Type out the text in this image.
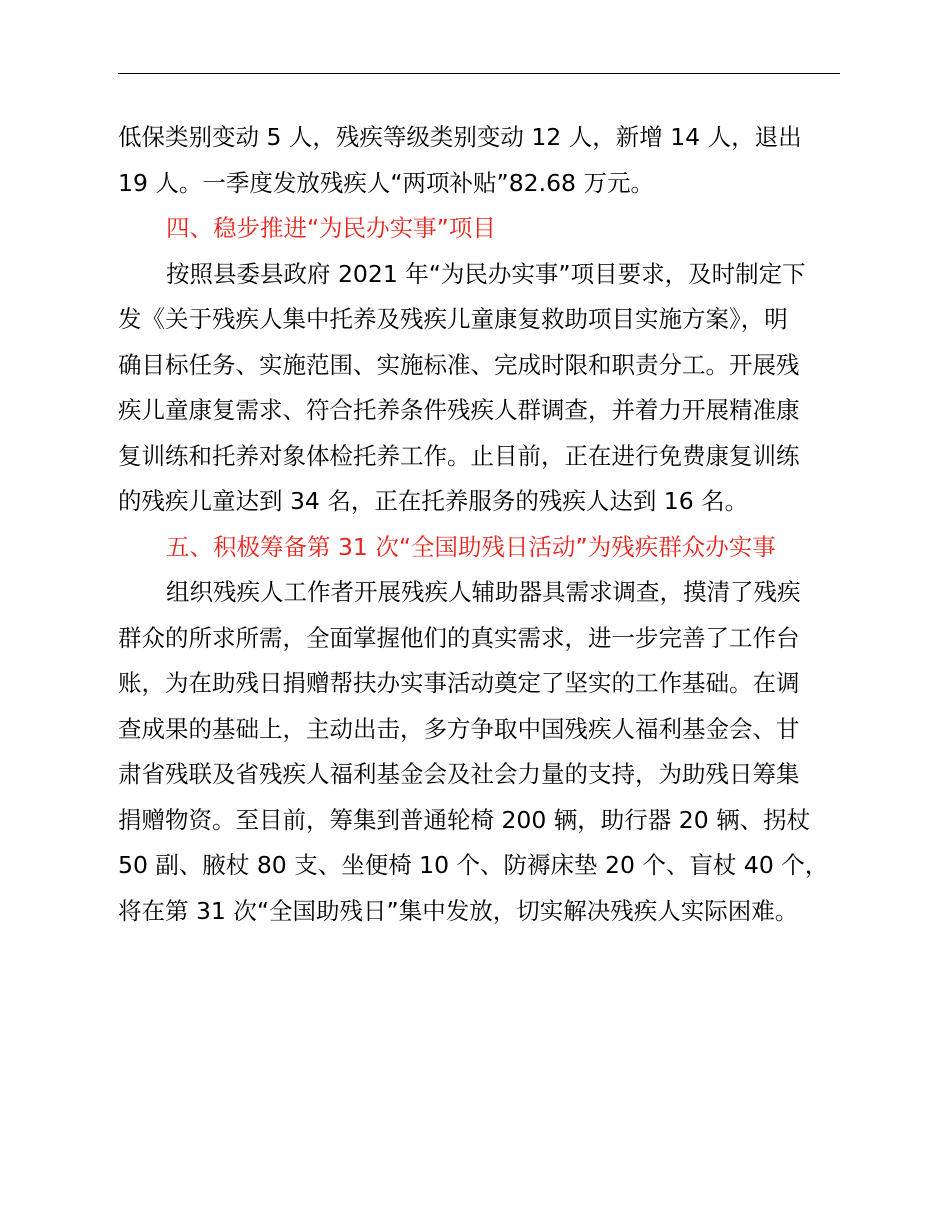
低保类别变动 5 人，残疾等级类别变动 12 人，新增 14 人，退出
19 人。一季度发放残疾人“两项补贴”82.68 万元。
四、稳步推进“为民办实事”项目
按照县委县政府 2021 年“为民办实事”项目要求，及时制定下
发《关于残疾人集中托养及残疾儿童康复救助项目实施方案》，明
确目标任务、实施范围、实施标准、完成时限和职责分工。开展残
疾儿童康复需求、符合托养条件残疾人群调查，并着力开展精准康
复训练和托养对象体检托养工作。止目前，正在进行免费康复训练
的残疾儿童达到 34 名，正在托养服务的残疾人达到 16 名。
五、积极筹备第 31 次“全国助残日活动”为残疾群众办实事
组织残疾人工作者开展残疾人辅助器具需求调查，摸清了残疾
群众的所求所需，全面掌握他们的真实需求，进一步完善了工作台
账，为在助残日捐赠帮扶办实事活动奠定了坚实的工作基础。在调
查成果的基础上，主动出击，多方争取中国残疾人福利基金会、甘
肃省残联及省残疾人福利基金会及社会力量的支持，为助残日筹集
捐赠物资。至目前，筹集到普通轮椅 200 辆，助行器 20 辆、拐杖
50 副、腋杖 80 支、坐便椅 10 个、防褥床垫 20 个、盲杖 40 个，
将在第 31 次“全国助残日”集中发放，切实解决残疾人实际困难。
